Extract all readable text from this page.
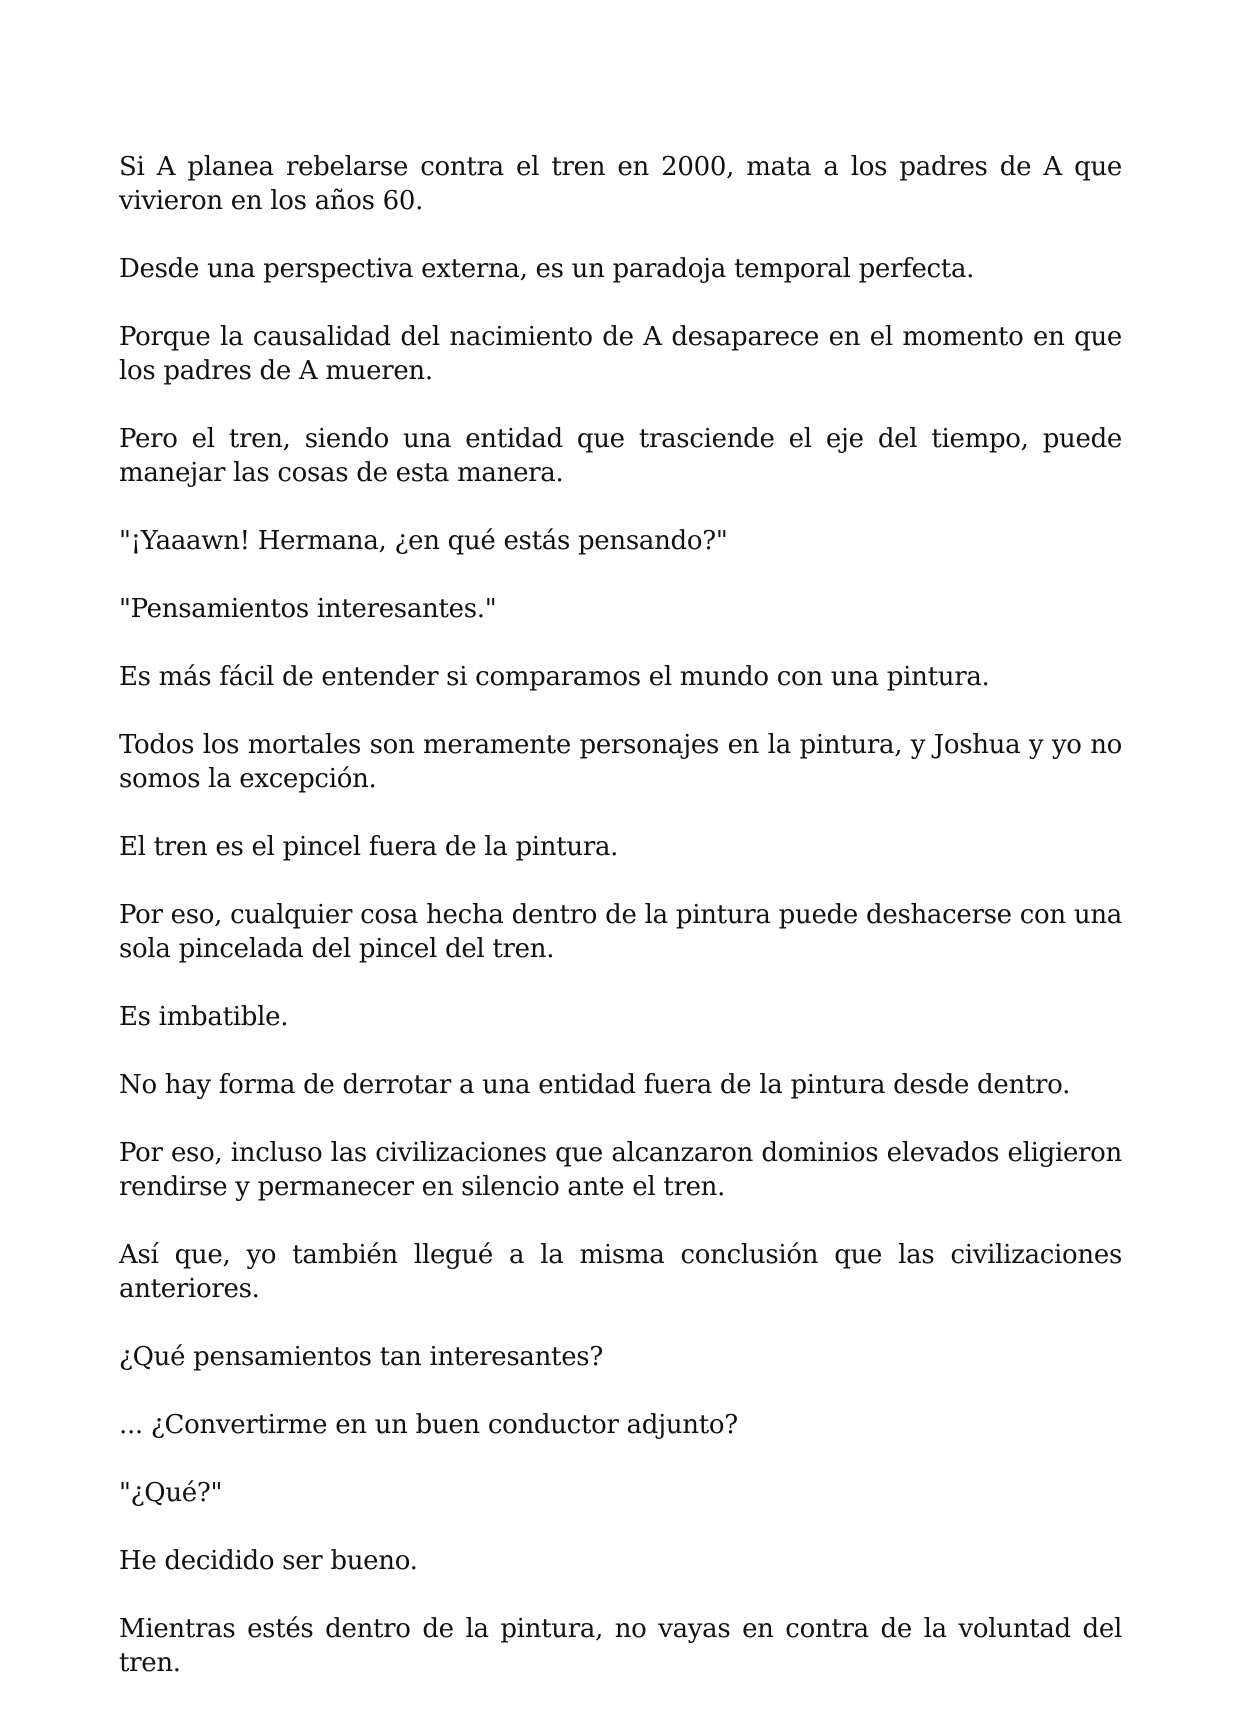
Si A planea rebelarse contra el tren en 2000, mata a los padres de A que vivieron en los años 60.

Desde una perspectiva externa, es un paradoja temporal perfecta.

Porque la causalidad del nacimiento de A desaparece en el momento en que los padres de A mueren.

Pero el tren, siendo una entidad que trasciende el eje del tiempo, puede manejar las cosas de esta manera.

"¡Yaaawn! Hermana, ¿en qué estás pensando?"

"Pensamientos interesantes."

Es más fácil de entender si comparamos el mundo con una pintura.

Todos los mortales son meramente personajes en la pintura, y Joshua y yo no somos la excepción.

El tren es el pincel fuera de la pintura.

Por eso, cualquier cosa hecha dentro de la pintura puede deshacerse con una sola pincelada del pincel del tren.

Es imbatible.

No hay forma de derrotar a una entidad fuera de la pintura desde dentro.

Por eso, incluso las civilizaciones que alcanzaron dominios elevados eligieron rendirse y permanecer en silencio ante el tren.

Así que, yo también llegué a la misma conclusión que las civilizaciones anteriores.

¿Qué pensamientos tan interesantes?

... ¿Convertirme en un buen conductor adjunto?

"¿Qué?"

He decidido ser bueno.

Mientras estés dentro de la pintura, no vayas en contra de la voluntad del tren.
